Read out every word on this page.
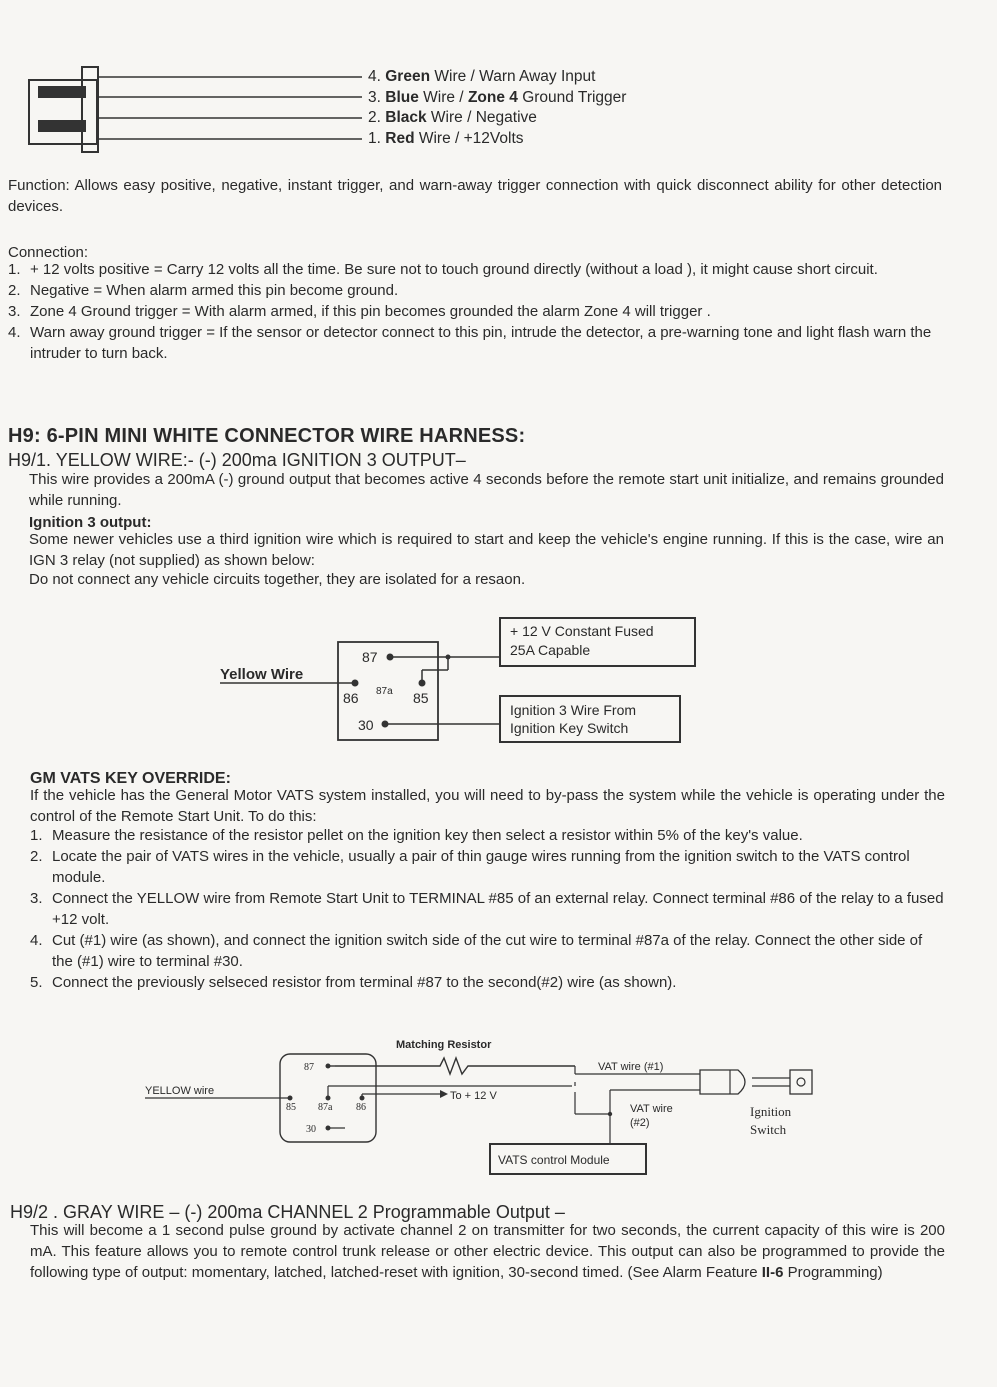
4. Green Wire / Warn Away Input
3. Blue Wire / Zone 4 Ground Trigger
2. Black Wire / Negative
1. Red Wire / +12Volts
Function: Allows easy positive, negative, instant trigger, and warn-away trigger connection with quick disconnect ability for other detection devices.
Connection:
1. + 12 volts positive = Carry 12 volts all the time. Be sure not to touch ground directly (without a load ), it might cause short circuit.
2. Negative = When alarm armed this pin become ground.
3. Zone 4 Ground trigger = With alarm armed, if this pin becomes grounded the alarm Zone 4 will trigger .
4. Warn away ground trigger = If the sensor or detector connect to this pin, intrude the detector, a pre-warning tone and light flash warn the intruder to turn back.
H9: 6-PIN MINI WHITE CONNECTOR WIRE HARNESS:
H9/1. YELLOW WIRE:- (-) 200ma IGNITION 3 OUTPUT–
This wire provides a 200mA (-) ground output that becomes active 4 seconds before the remote start unit initialize, and remains grounded while running.
Ignition 3 output:
Some newer vehicles use a third ignition wire which is required to start and keep the vehicle's engine running. If this is the case, wire an IGN 3 relay (not supplied) as shown below:
Do not connect any vehicle circuits together, they are isolated for a resaon.
Yellow Wire
87
86 87a 85
30
+ 12 V Constant Fused
25A Capable
Ignition 3 Wire From
Ignition Key Switch
GM VATS KEY OVERRIDE:
If the vehicle has the General Motor VATS system installed, you will need to by-pass the system while the vehicle is operating under the control of the Remote Start Unit. To do this:
1. Measure the resistance of the resistor pellet on the ignition key then select a resistor within 5% of the key's value.
2. Locate the pair of VATS wires in the vehicle, usually a pair of thin gauge wires running from the ignition switch to the VATS control module.
3. Connect the YELLOW wire from Remote Start Unit to TERMINAL #85 of an external relay. Connect terminal #86 of the relay to a fused +12 volt.
4. Cut (#1) wire (as shown), and connect the ignition switch side of the cut wire to terminal #87a of the relay. Connect the other side of the (#1) wire to terminal #30.
5. Connect the previously selseced resistor from terminal #87 to the second(#2) wire (as shown).
Matching Resistor
87
YELLOW wire
85 87a 86
To + 12 V
30
VAT wire (#1)
VAT wire
(#2)
Ignition
Switch
VATS control Module
H9/2 . GRAY WIRE – (-) 200ma CHANNEL 2 Programmable Output –
This will become a 1 second pulse ground by activate channel 2 on transmitter for two seconds, the current capacity of this wire is 200 mA. This feature allows you to remote control trunk release or other electric device. This output can also be programmed to provide the following type of output: momentary, latched, latched-reset with ignition, 30-second timed. (See Alarm Feature II-6 Programming)
